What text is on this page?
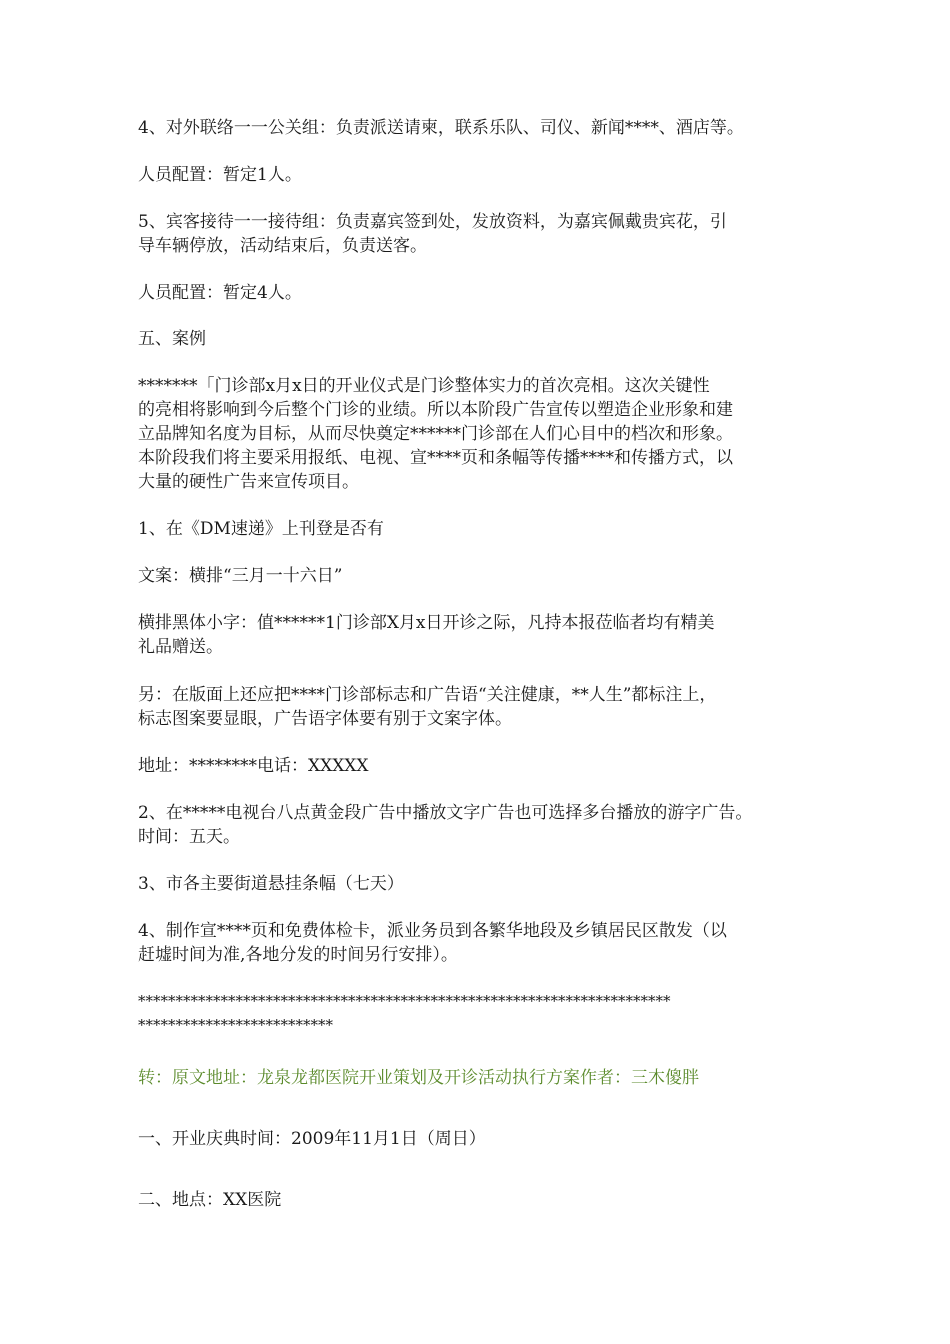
4、对外联络一一公关组：负责派送请柬，联系乐队、司仪、新闻****、酒店等。

人员配置：暂定1人。

5、宾客接待一一接待组：负责嘉宾签到处，发放资料，为嘉宾佩戴贵宾花，引
导车辆停放，活动结束后，负责送客。

人员配置：暂定4人。

五、案例

*******「门诊部x月x日的开业仪式是门诊整体实力的首次亮相。这次关键性
的亮相将影响到今后整个门诊的业绩。所以本阶段广告宣传以塑造企业形象和建
立品牌知名度为目标，从而尽快奠定******门诊部在人们心目中的档次和形象。
本阶段我们将主要采用报纸、电视、宣****页和条幅等传播****和传播方式，以
大量的硬性广告来宣传项目。

1、在《DM速递》上刊登是否有

文案：横排“三月一十六日”

横排黑体小字：值******1门诊部X月x日开诊之际，凡持本报莅临者均有精美
礼品赠送。
另：在版面上还应把****门诊部标志和广告语“关注健康，**人生”都标注上，
标志图案要显眼，广告语字体要有别于文案字体。

地址：********电话：XXXXX

2、在*****电视台八点黄金段广告中播放文字广告也可选择多台播放的游字广告。
时间：五天。

3、市各主要街道悬挂条幅（七天）

4、制作宣****页和免费体检卡，派业务员到各繁华地段及乡镇居民区散发（以
赶墟时间为准,各地分发的时间另行安排）。
***********************************************************************
**************************

转：原文地址：龙泉龙都医院开业策划及开诊活动执行方案作者：三木傻胖

一、开业庆典时间：2009年11月1日（周日）

二、地点：XX医院
